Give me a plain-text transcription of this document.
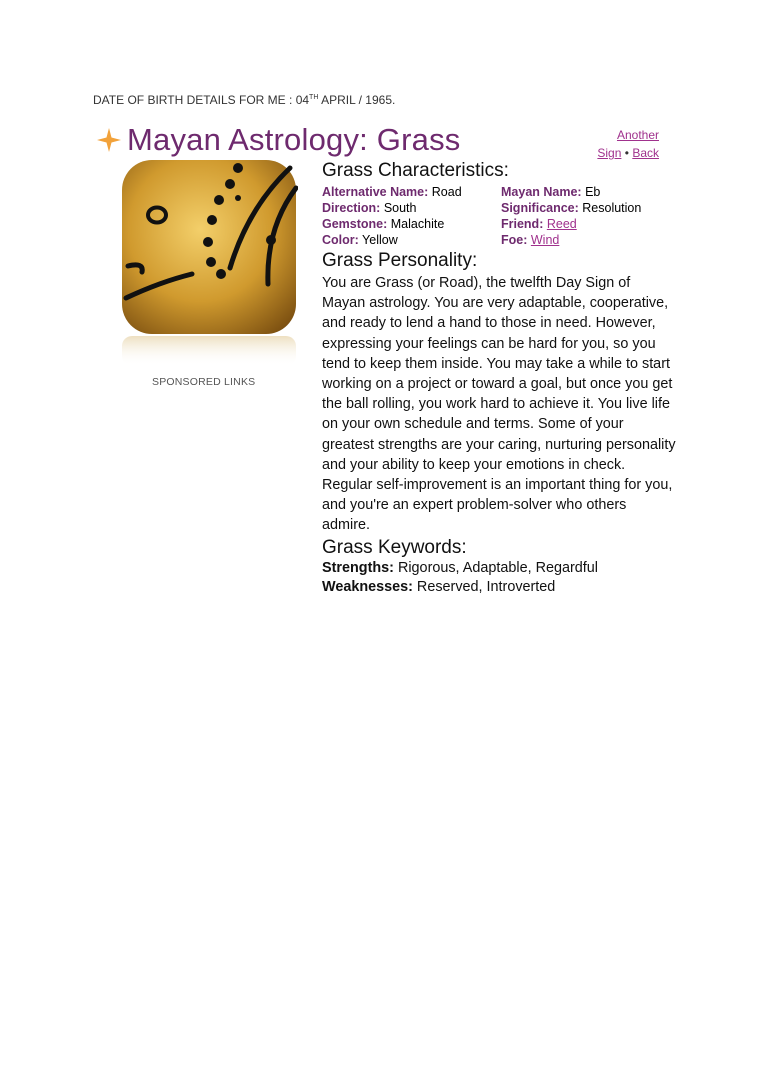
DATE OF BIRTH DETAILS FOR ME : 04TH APRIL / 1965.
Mayan Astrology: Grass	Another
Sign • Back
SPONSORED LINKS
Grass Characteristics:
Alternative Name: Road	Mayan Name: Eb
Direction: South	Significance: Resolution
Gemstone: Malachite	Friend: Reed
Color: Yellow	Foe: Wind
Grass Personality:
You are Grass (or Road), the twelfth Day Sign of Mayan astrology. You are very adaptable, cooperative, and ready to lend a hand to those in need. However, expressing your feelings can be hard for you, so you tend to keep them inside. You may take a while to start working on a project or toward a goal, but once you get the ball rolling, you work hard to achieve it. You live life on your own schedule and terms. Some of your greatest strengths are your caring, nurturing personality and your ability to keep your emotions in check. Regular self-improvement is an important thing for you, and you're an expert problem-solver who others admire.
Grass Keywords:
Strengths: Rigorous, Adaptable, Regardful
Weaknesses: Reserved, Introverted
